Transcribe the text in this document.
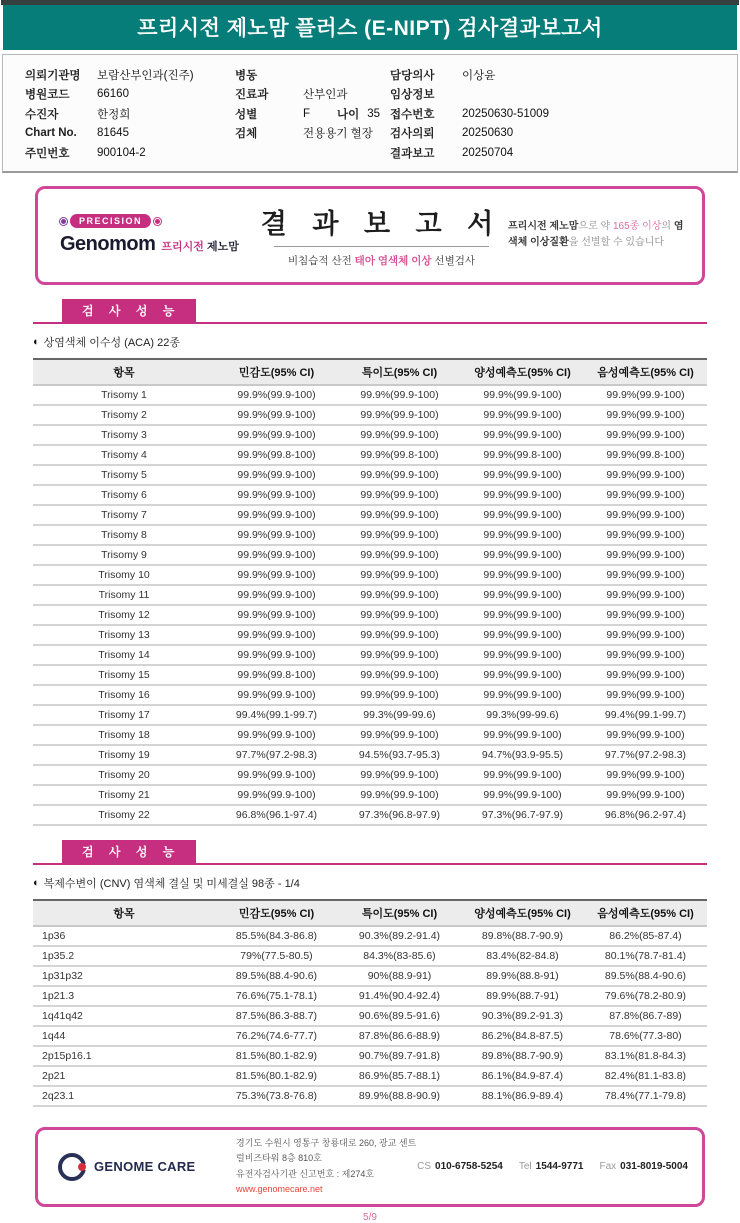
프리시전 제노맘 플러스 (E-NIPT) 검사결과보고서
의뢰기관명	보람산부인과(진주)
병원코드	66160
수진자	한정희
Chart No.	81645
주민번호	900104-2
병동
진료과	산부인과
성별	F	나이 35
검체	전용용기 혈장
담당의사	이상윤
임상정보
접수번호	20250630-51009
검사의뢰	20250630
결과보고	20250704
PRECISION
Genomom 프리시전 제노맘
결 과 보 고 서
비침습적 산전 태아 염색체 이상 선별검사
프리시전 제노맘으로 약 165종 이상의 염색체 이상질환을 선별할 수 있습니다
검 사 성 능
◐ 상염색체 이수성 (ACA) 22종
항목	민감도(95% CI)	특이도(95% CI)	양성예측도(95% CI)	음성예측도(95% CI)
Trisomy 1	99.9%(99.9-100)	99.9%(99.9-100)	99.9%(99.9-100)	99.9%(99.9-100)
Trisomy 2	99.9%(99.9-100)	99.9%(99.9-100)	99.9%(99.9-100)	99.9%(99.9-100)
Trisomy 3	99.9%(99.9-100)	99.9%(99.9-100)	99.9%(99.9-100)	99.9%(99.9-100)
Trisomy 4	99.9%(99.8-100)	99.9%(99.8-100)	99.9%(99.8-100)	99.9%(99.8-100)
Trisomy 5	99.9%(99.9-100)	99.9%(99.9-100)	99.9%(99.9-100)	99.9%(99.9-100)
Trisomy 6	99.9%(99.9-100)	99.9%(99.9-100)	99.9%(99.9-100)	99.9%(99.9-100)
Trisomy 7	99.9%(99.9-100)	99.9%(99.9-100)	99.9%(99.9-100)	99.9%(99.9-100)
Trisomy 8	99.9%(99.9-100)	99.9%(99.9-100)	99.9%(99.9-100)	99.9%(99.9-100)
Trisomy 9	99.9%(99.9-100)	99.9%(99.9-100)	99.9%(99.9-100)	99.9%(99.9-100)
Trisomy 10	99.9%(99.9-100)	99.9%(99.9-100)	99.9%(99.9-100)	99.9%(99.9-100)
Trisomy 11	99.9%(99.9-100)	99.9%(99.9-100)	99.9%(99.9-100)	99.9%(99.9-100)
Trisomy 12	99.9%(99.9-100)	99.9%(99.9-100)	99.9%(99.9-100)	99.9%(99.9-100)
Trisomy 13	99.9%(99.9-100)	99.9%(99.9-100)	99.9%(99.9-100)	99.9%(99.9-100)
Trisomy 14	99.9%(99.9-100)	99.9%(99.9-100)	99.9%(99.9-100)	99.9%(99.9-100)
Trisomy 15	99.9%(99.8-100)	99.9%(99.9-100)	99.9%(99.9-100)	99.9%(99.9-100)
Trisomy 16	99.9%(99.9-100)	99.9%(99.9-100)	99.9%(99.9-100)	99.9%(99.9-100)
Trisomy 17	99.4%(99.1-99.7)	99.3%(99-99.6)	99.3%(99-99.6)	99.4%(99.1-99.7)
Trisomy 18	99.9%(99.9-100)	99.9%(99.9-100)	99.9%(99.9-100)	99.9%(99.9-100)
Trisomy 19	97.7%(97.2-98.3)	94.5%(93.7-95.3)	94.7%(93.9-95.5)	97.7%(97.2-98.3)
Trisomy 20	99.9%(99.9-100)	99.9%(99.9-100)	99.9%(99.9-100)	99.9%(99.9-100)
Trisomy 21	99.9%(99.9-100)	99.9%(99.9-100)	99.9%(99.9-100)	99.9%(99.9-100)
Trisomy 22	96.8%(96.1-97.4)	97.3%(96.8-97.9)	97.3%(96.7-97.9)	96.8%(96.2-97.4)
검 사 성 능
◐ 복제수변이 (CNV) 염색체 결실 및 미세결실 98종 - 1/4
항목	민감도(95% CI)	특이도(95% CI)	양성예측도(95% CI)	음성예측도(95% CI)
1p36	85.5%(84.3-86.8)	90.3%(89.2-91.4)	89.8%(88.7-90.9)	86.2%(85-87.4)
1p35.2	79%(77.5-80.5)	84.3%(83-85.6)	83.4%(82-84.8)	80.1%(78.7-81.4)
1p31p32	89.5%(88.4-90.6)	90%(88.9-91)	89.9%(88.8-91)	89.5%(88.4-90.6)
1p21.3	76.6%(75.1-78.1)	91.4%(90.4-92.4)	89.9%(88.7-91)	79.6%(78.2-80.9)
1q41q42	87.5%(86.3-88.7)	90.6%(89.5-91.6)	90.3%(89.2-91.3)	87.8%(86.7-89)
1q44	76.2%(74.6-77.7)	87.8%(86.6-88.9)	86.2%(84.8-87.5)	78.6%(77.3-80)
2p15p16.1	81.5%(80.1-82.9)	90.7%(89.7-91.8)	89.8%(88.7-90.9)	83.1%(81.8-84.3)
2p21	81.5%(80.1-82.9)	86.9%(85.7-88.1)	86.1%(84.9-87.4)	82.4%(81.1-83.8)
2q23.1	75.3%(73.8-76.8)	89.9%(88.8-90.9)	88.1%(86.9-89.4)	78.4%(77.1-79.8)
GENOME CARE
경기도 수원시 영통구 창룡대로 260, 광교 센트럴비즈타워 8층 810호
유전자검사기관 신고번호 : 제274호
www.genomecare.net
CS 010-6758-5254 Tel 1544-9771 Fax 031-8019-5004
5/9
